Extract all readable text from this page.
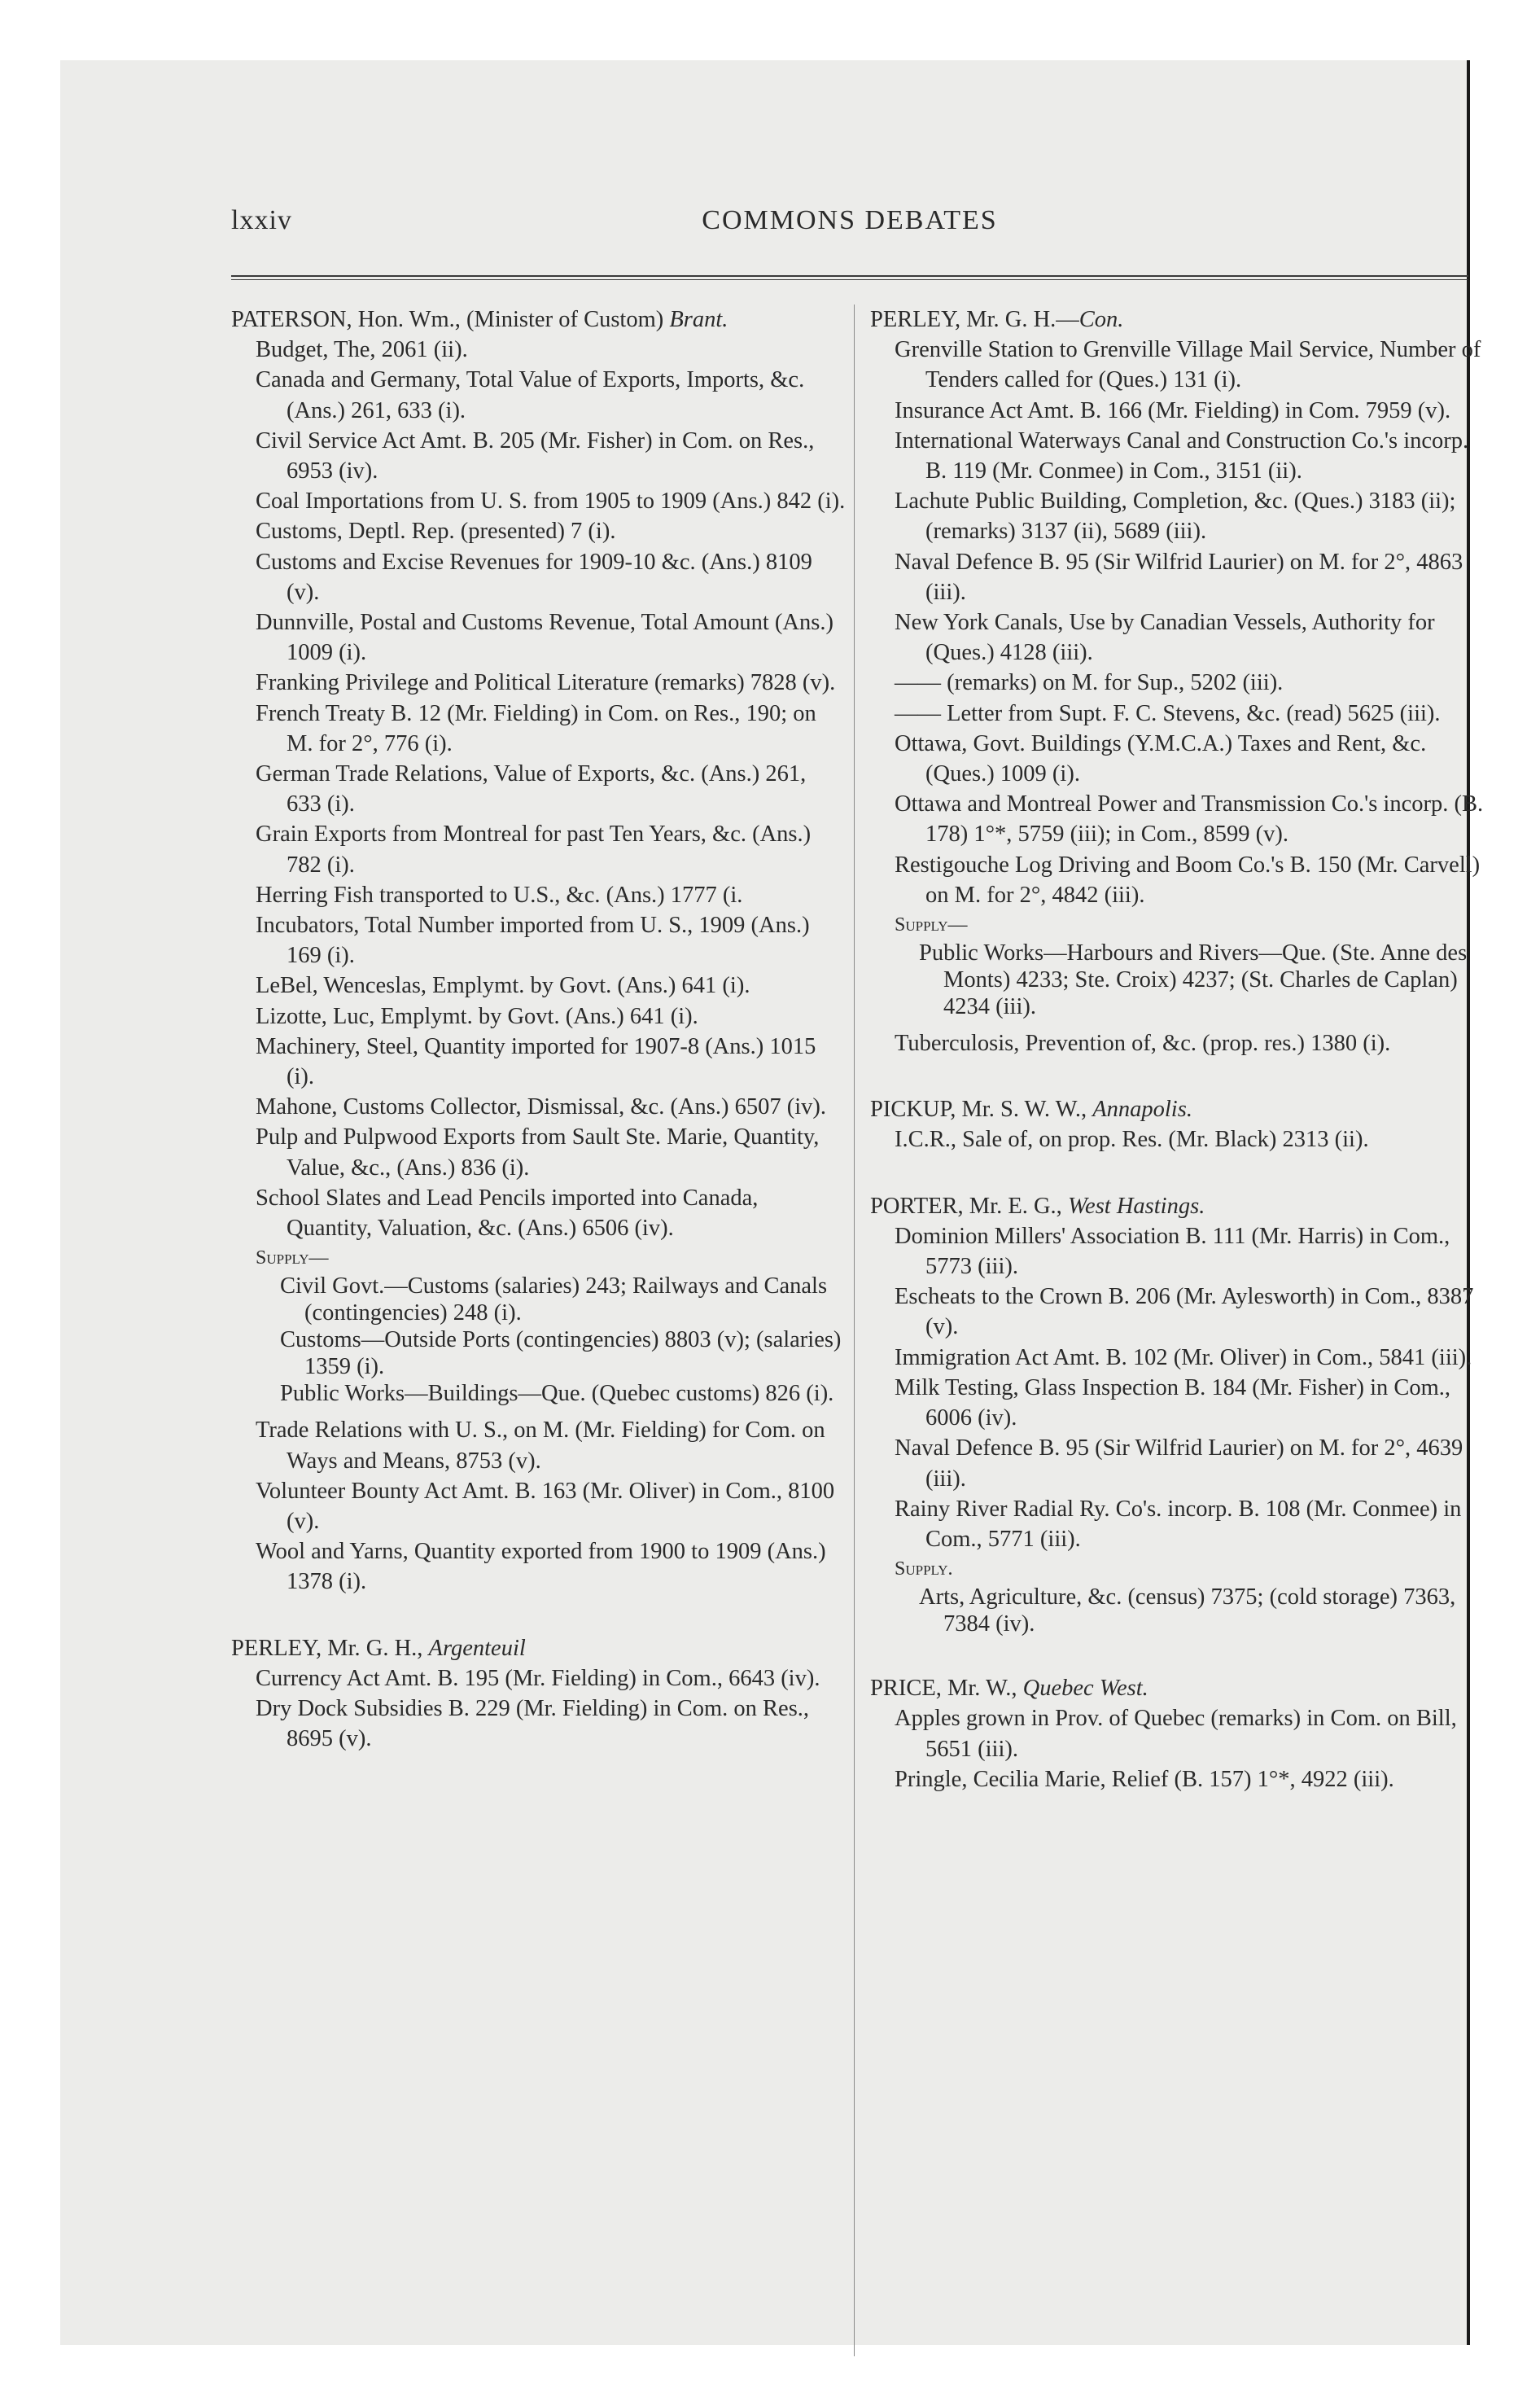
lxxiv	COMMONS DEBATES

PATERSON, Hon. Wm., (Minister of Custom) Brant.

Budget, The, 2061 (ii).

Canada and Germany, Total Value of Exports, Imports, &c. (Ans.) 261, 633 (i).

Civil Service Act Amt. B. 205 (Mr. Fisher) in Com. on Res., 6953 (iv).

Coal Importations from U. S. from 1905 to 1909 (Ans.) 842 (i).

Customs, Deptl. Rep. (presented) 7 (i).

Customs and Excise Revenues for 1909-10 &c. (Ans.) 8109 (v).

Dunnville, Postal and Customs Revenue, Total Amount (Ans.) 1009 (i).

Franking Privilege and Political Literature (remarks) 7828 (v).

French Treaty B. 12 (Mr. Fielding) in Com. on Res., 190; on M. for 2°, 776 (i).

German Trade Relations, Value of Exports, &c. (Ans.) 261, 633 (i).

Grain Exports from Montreal for past Ten Years, &c. (Ans.) 782 (i).

Herring Fish transported to U.S., &c. (Ans.) 1777 (i.

Incubators, Total Number imported from U. S., 1909 (Ans.) 169 (i).

LeBel, Wenceslas, Emplymt. by Govt. (Ans.) 641 (i).

Lizotte, Luc, Emplymt. by Govt. (Ans.) 641 (i).

Machinery, Steel, Quantity imported for 1907-8 (Ans.) 1015 (i).

Mahone, Customs Collector, Dismissal, &c. (Ans.) 6507 (iv).

Pulp and Pulpwood Exports from Sault Ste. Marie, Quantity, Value, &c., (Ans.) 836 (i).

School Slates and Lead Pencils imported into Canada, Quantity, Valuation, &c. (Ans.) 6506 (iv).

Supply—

Civil Govt.—Customs (salaries) 243; Railways and Canals (contingencies) 248 (i).

Customs—Outside Ports (contingencies) 8803 (v); (salaries) 1359 (i).

Public Works—Buildings—Que. (Quebec customs) 826 (i).

Trade Relations with U. S., on M. (Mr. Fielding) for Com. on Ways and Means, 8753 (v).

Volunteer Bounty Act Amt. B. 163 (Mr. Oliver) in Com., 8100 (v).

Wool and Yarns, Quantity exported from 1900 to 1909 (Ans.) 1378 (i).

PERLEY, Mr. G. H., Argenteuil

Currency Act Amt. B. 195 (Mr. Fielding) in Com., 6643 (iv).

Dry Dock Subsidies B. 229 (Mr. Fielding) in Com. on Res., 8695 (v).

PERLEY, Mr. G. H.—Con.

Grenville Station to Grenville Village Mail Service, Number of Tenders called for (Ques.) 131 (i).

Insurance Act Amt. B. 166 (Mr. Fielding) in Com. 7959 (v).

International Waterways Canal and Construction Co.'s incorp. B. 119 (Mr. Conmee) in Com., 3151 (ii).

Lachute Public Building, Completion, &c. (Ques.) 3183 (ii); (remarks) 3137 (ii), 5689 (iii).

Naval Defence B. 95 (Sir Wilfrid Laurier) on M. for 2°, 4863 (iii).

New York Canals, Use by Canadian Vessels, Authority for (Ques.) 4128 (iii).

—— (remarks) on M. for Sup., 5202 (iii).

—— Letter from Supt. F. C. Stevens, &c. (read) 5625 (iii).

Ottawa, Govt. Buildings (Y.M.C.A.) Taxes and Rent, &c. (Ques.) 1009 (i).

Ottawa and Montreal Power and Transmission Co.'s incorp. (B. 178) 1°*, 5759 (iii); in Com., 8599 (v).

Restigouche Log Driving and Boom Co.'s B. 150 (Mr. Carvell) on M. for 2°, 4842 (iii).

Supply—

Public Works—Harbours and Rivers—Que. (Ste. Anne des Monts) 4233; Ste. Croix) 4237; (St. Charles de Caplan) 4234 (iii).

Tuberculosis, Prevention of, &c. (prop. res.) 1380 (i).

PICKUP, Mr. S. W. W., Annapolis.

I.C.R., Sale of, on prop. Res. (Mr. Black) 2313 (ii).

PORTER, Mr. E. G., West Hastings.

Dominion Millers' Association B. 111 (Mr. Harris) in Com., 5773 (iii).

Escheats to the Crown B. 206 (Mr. Aylesworth) in Com., 8387 (v).

Immigration Act Amt. B. 102 (Mr. Oliver) in Com., 5841 (iii).

Milk Testing, Glass Inspection B. 184 (Mr. Fisher) in Com., 6006 (iv).

Naval Defence B. 95 (Sir Wilfrid Laurier) on M. for 2°, 4639 (iii).

Rainy River Radial Ry. Co's. incorp. B. 108 (Mr. Conmee) in Com., 5771 (iii).

Supply.

Arts, Agriculture, &c. (census) 7375; (cold storage) 7363, 7384 (iv).

PRICE, Mr. W., Quebec West.

Apples grown in Prov. of Quebec (remarks) in Com. on Bill, 5651 (iii).

Pringle, Cecilia Marie, Relief (B. 157) 1°*, 4922 (iii).
